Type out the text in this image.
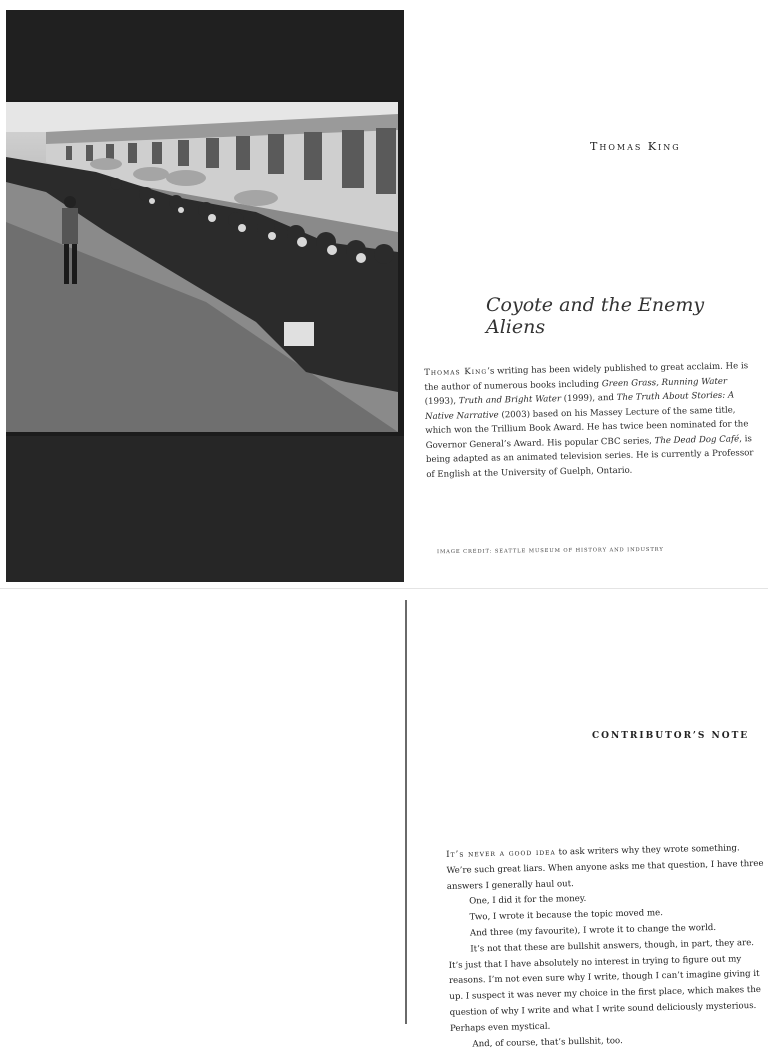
Thomas King
Coyote and the Enemy Aliens
Thomas King’s writing has been widely published to great acclaim. He is the author of numerous books including Green Grass, Running Water (1993), Truth and Bright Water (1999), and The Truth About Stories: A Native Narrative (2003) based on his Massey Lecture of the same title, which won the Trillium Book Award. He has twice been nominated for the Governor General’s Award. His popular CBC series, The Dead Dog Café, is being adapted as an animated television series. He is currently a Professor of English at the University of Guelph, Ontario.
IMAGE CREDIT: SEATTLE MUSEUM OF HISTORY AND INDUSTRY
CONTRIBUTOR’S NOTE

It’s never a good idea to ask writers why they wrote something. We’re such great liars. When anyone asks me that question, I have three answers I generally haul out.

One, I did it for the money.

Two, I wrote it because the topic moved me.

And three (my favourite), I wrote it to change the world.

It’s not that these are bullshit answers, though, in part, they are. It’s just that I have absolutely no interest in trying to figure out my reasons. I’m not even sure why I write, though I can’t imagine giving it up. I suspect it was never my choice in the first place, which makes the question of why I write and what I write sound deliciously mysterious. Perhaps even mystical.

And, of course, that’s bullshit, too.
